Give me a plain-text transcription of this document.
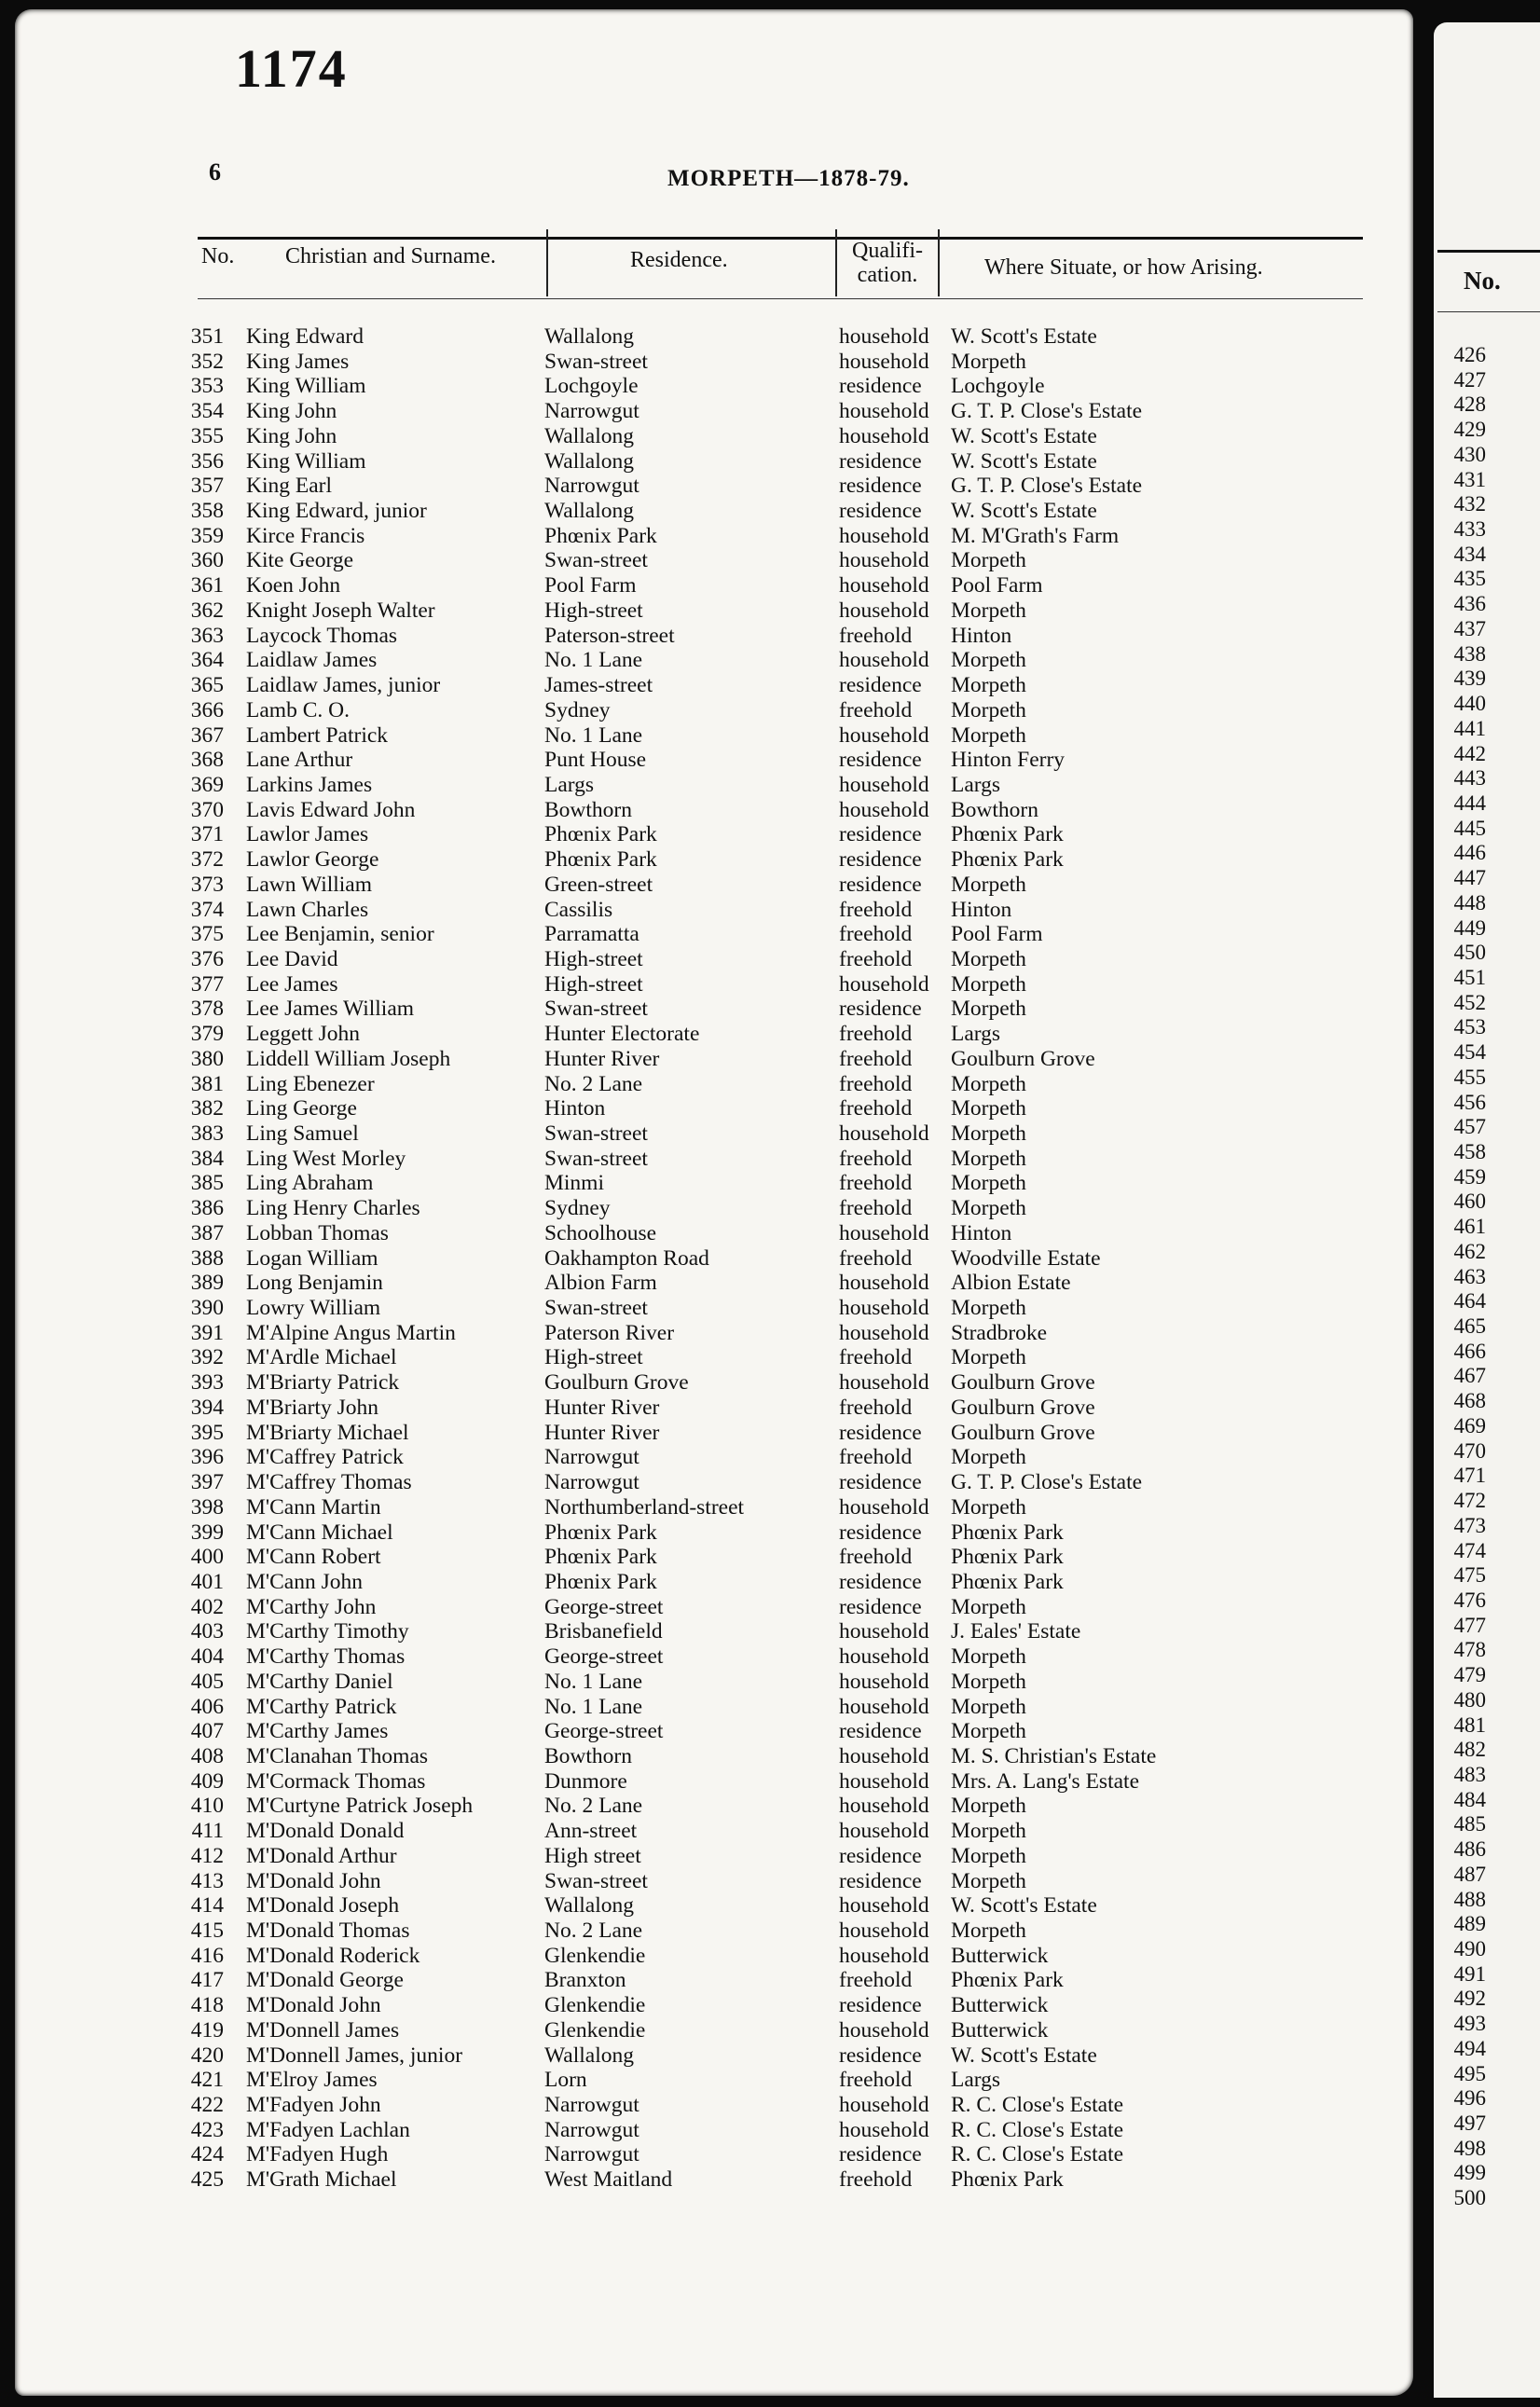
1174
6	MORPETH—1878-79.
No. Christian and Surname.	Residence.	Qualifi-cation.	Where Situate, or how Arising.
351 King Edward	Wallalong	household W. Scott's Estate
352 King James	Swan-street	household Morpeth
353 King William	Lochgoyle	residence Lochgoyle
354 King John	Narrowgut	household G. T. P. Close's Estate
355 King John	Wallalong	household W. Scott's Estate
356 King William	Wallalong	residence W. Scott's Estate
357 King Earl	Narrowgut	residence G. T. P. Close's Estate
358 King Edward, junior	Wallalong	residence W. Scott's Estate
359 Kirce Francis	Phœnix Park	household M. M'Grath's Farm
360 Kite George	Swan-street	household Morpeth
361 Koen John	Pool Farm	household Pool Farm
362 Knight Joseph Walter	High-street	household Morpeth
363 Laycock Thomas	Paterson-street	freehold Hinton
364 Laidlaw James	No. 1 Lane	household Morpeth
365 Laidlaw James, junior	James-street	residence Morpeth
366 Lamb C. O.	Sydney	freehold Morpeth
367 Lambert Patrick	No. 1 Lane	household Morpeth
368 Lane Arthur	Punt House	residence Hinton Ferry
369 Larkins James	Largs	household Largs
370 Lavis Edward John	Bowthorn	household Bowthorn
371 Lawlor James	Phœnix Park	residence Phœnix Park
372 Lawlor George	Phœnix Park	residence Phœnix Park
373 Lawn William	Green-street	residence Morpeth
374 Lawn Charles	Cassilis	freehold Hinton
375 Lee Benjamin, senior	Parramatta	freehold Pool Farm
376 Lee David	High-street	freehold Morpeth
377 Lee James	High-street	household Morpeth
378 Lee James William	Swan-street	residence Morpeth
379 Leggett John	Hunter Electorate	freehold Largs
380 Liddell William Joseph	Hunter River	freehold Goulburn Grove
381 Ling Ebenezer	No. 2 Lane	freehold Morpeth
382 Ling George	Hinton	freehold Morpeth
383 Ling Samuel	Swan-street	household Morpeth
384 Ling West Morley	Swan-street	freehold Morpeth
385 Ling Abraham	Minmi	freehold Morpeth
386 Ling Henry Charles	Sydney	freehold Morpeth
387 Lobban Thomas	Schoolhouse	household Hinton
388 Logan William	Oakhampton Road	freehold Woodville Estate
389 Long Benjamin	Albion Farm	household Albion Estate
390 Lowry William	Swan-street	household Morpeth
391 M'Alpine Angus Martin	Paterson River	household Stradbroke
392 M'Ardle Michael	High-street	freehold Morpeth
393 M'Briarty Patrick	Goulburn Grove	household Goulburn Grove
394 M'Briarty John	Hunter River	freehold Goulburn Grove
395 M'Briarty Michael	Hunter River	residence Goulburn Grove
396 M'Caffrey Patrick	Narrowgut	freehold Morpeth
397 M'Caffrey Thomas	Narrowgut	residence G. T. P. Close's Estate
398 M'Cann Martin	Northumberland-street	household Morpeth
399 M'Cann Michael	Phœnix Park	residence Phœnix Park
400 M'Cann Robert	Phœnix Park	freehold Phœnix Park
401 M'Cann John	Phœnix Park	residence Phœnix Park
402 M'Carthy John	George-street	residence Morpeth
403 M'Carthy Timothy	Brisbanefield	household J. Eales' Estate
404 M'Carthy Thomas	George-street	household Morpeth
405 M'Carthy Daniel	No. 1 Lane	household Morpeth
406 M'Carthy Patrick	No. 1 Lane	household Morpeth
407 M'Carthy James	George-street	residence Morpeth
408 M'Clanahan Thomas	Bowthorn	household M. S. Christian's Estate
409 M'Cormack Thomas	Dunmore	household Mrs. A. Lang's Estate
410 M'Curtyne Patrick Joseph	No. 2 Lane	household Morpeth
411 M'Donald Donald	Ann-street	household Morpeth
412 M'Donald Arthur	High street	residence Morpeth
413 M'Donald John	Swan-street	residence Morpeth
414 M'Donald Joseph	Wallalong	household W. Scott's Estate
415 M'Donald Thomas	No. 2 Lane	household Morpeth
416 M'Donald Roderick	Glenkendie	household Butterwick
417 M'Donald George	Branxton	freehold Phœnix Park
418 M'Donald John	Glenkendie	residence Butterwick
419 M'Donnell James	Glenkendie	household Butterwick
420 M'Donnell James, junior	Wallalong	residence W. Scott's Estate
421 M'Elroy James	Lorn	freehold Largs
422 M'Fadyen John	Narrowgut	household R. C. Close's Estate
423 M'Fadyen Lachlan	Narrowgut	household R. C. Close's Estate
424 M'Fadyen Hugh	Narrowgut	residence R. C. Close's Estate
425 M'Grath Michael	West Maitland	freehold Phœnix Park
No.
426
427
428
429
430
431
432
433
434
435
436
437
438
439
440
441
442
443
444
445
446
447
448
449
450
451
452
453
454
455
456
457
458
459
460
461
462
463
464
465
466
467
468
469
470
471
472
473
474
475
476
477
478
479
480
481
482
483
484
485
486
487
488
489
490
491
492
493
494
495
496
497
498
499
500
